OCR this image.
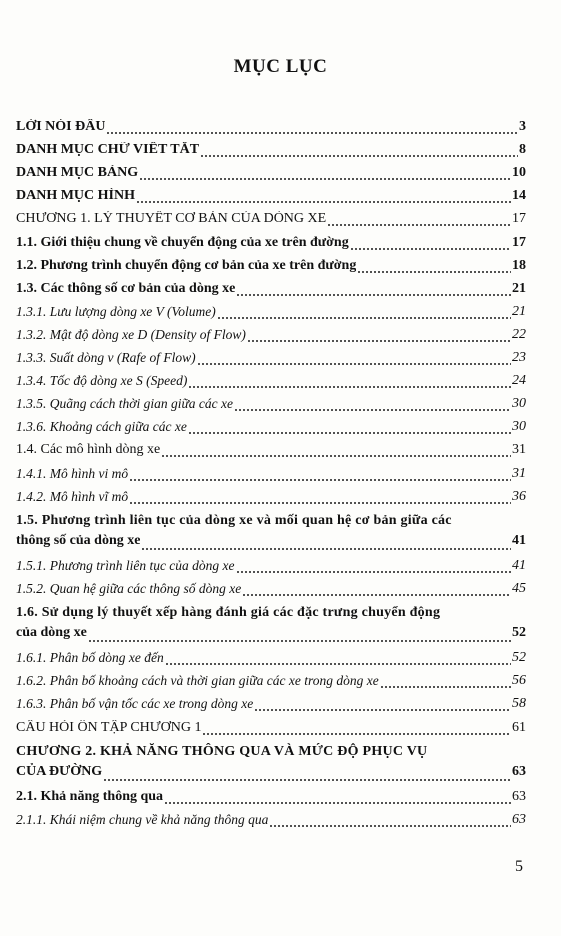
MỤC LỤC
LỜI NÓI ĐẦU	3
DANH MỤC CHỮ VIẾT TẮT	8
DANH MỤC BẢNG	10
DANH MỤC HÌNH	14
CHƯƠNG 1. LÝ THUYẾT CƠ BẢN CỦA DÒNG XE	17
1.1. Giới thiệu chung về chuyển động của xe trên đường	17
1.2. Phương trình chuyển động cơ bản của xe trên đường	18
1.3. Các thông số cơ bản của dòng xe	21
1.3.1. Lưu lượng dòng xe V (Volume)	21
1.3.2. Mật độ dòng xe D (Density of Flow)	22
1.3.3. Suất dòng v (Rafe of Flow)	23
1.3.4. Tốc độ dòng xe S (Speed)	24
1.3.5. Quãng cách thời gian giữa các xe	30
1.3.6. Khoảng cách giữa các xe	30
1.4. Các mô hình dòng xe	31
1.4.1. Mô hình vi mô	31
1.4.2. Mô hình vĩ mô	36
1.5. Phương trình liên tục của dòng xe và mối quan hệ cơ bản giữa các
thông số của dòng xe	41
1.5.1. Phương trình liên tục của dòng xe	41
1.5.2. Quan hệ giữa các thông số dòng xe	45
1.6. Sử dụng lý thuyết xếp hàng đánh giá các đặc trưng chuyển động
của dòng xe	52
1.6.1. Phân bố dòng xe đến	52
1.6.2. Phân bố khoảng cách và thời gian giữa các xe trong dòng xe	56
1.6.3. Phân bố vận tốc các xe trong dòng xe	58
CÂU HỎI ÔN TẬP CHƯƠNG 1	61
CHƯƠNG 2. KHẢ NĂNG THÔNG QUA VÀ MỨC ĐỘ PHỤC VỤ
CỦA ĐƯỜNG	63
2.1. Khả năng thông qua	63
2.1.1. Khái niệm chung về khả năng thông qua	63
5
